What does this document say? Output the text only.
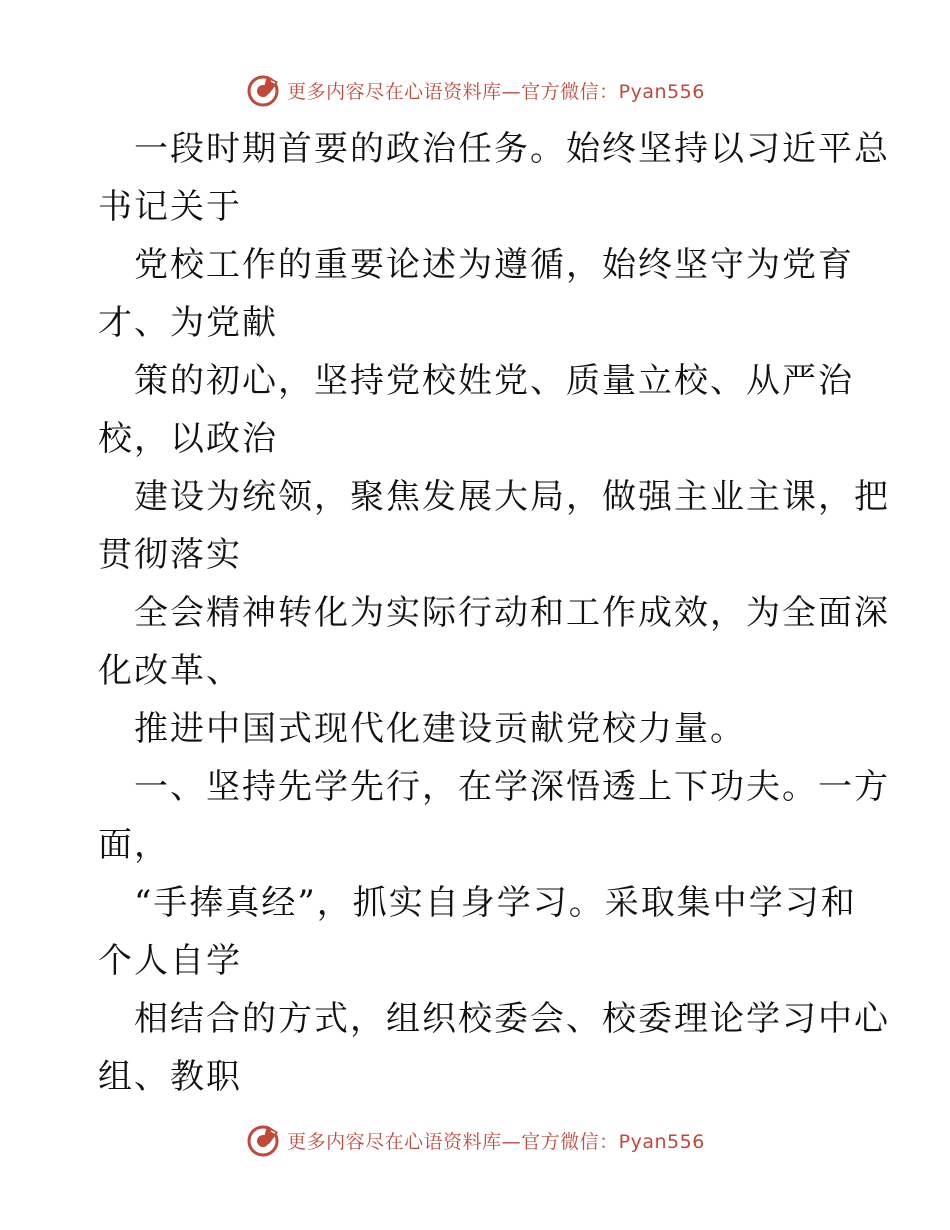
更多内容尽在心语资料库—官方微信：Pyan556
一段时期首要的政治任务。始终坚持以习近平总
书记关于
党校工作的重要论述为遵循，始终坚守为党育
才、为党献
策的初心，坚持党校姓党、质量立校、从严治
校，以政治
建设为统领，聚焦发展大局，做强主业主课，把
贯彻落实
全会精神转化为实际行动和工作成效，为全面深
化改革、
推进中国式现代化建设贡献党校力量。
一、坚持先学先行，在学深悟透上下功夫。一方
面，
“手捧真经”，抓实自身学习。采取集中学习和
个人自学
相结合的方式，组织校委会、校委理论学习中心
组、教职
更多内容尽在心语资料库—官方微信：Pyan556
